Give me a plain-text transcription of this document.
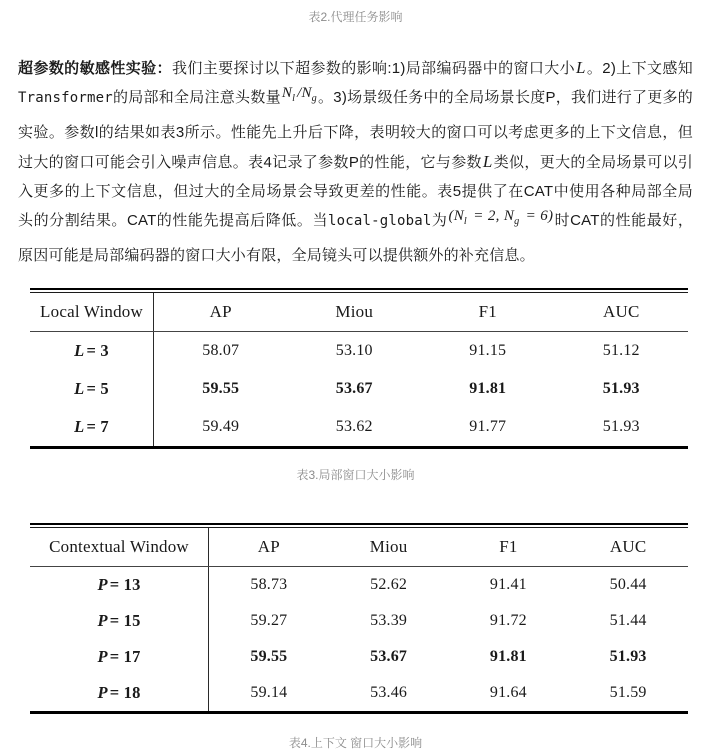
表2.代理任务影响
超参数的敏感性实验：我们主要探讨以下超参数的影响:1)局部编码器中的窗口大小L。2)上下文感知Transformer的局部和全局注意头数量$N_l$ $/N_g$。3)场景级任务中的全局场景长度P，我们进行了更多的实验。参数l的结果如表3所示。性能先上升后下降，表明较大的窗口可以考虑更多的上下文信息，但过大的窗口可能会引入噪声信息。表4记录了参数P的性能，它与参数L类似，更大的全局场景可以引入更多的上下文信息，但过大的全局场景会导致更差的性能。表5提供了在CAT中使用各种局部全局头的分割结果。CAT的性能先提高后降低。当local-global为($N_l = 2$, $N_g = 6$)时CAT的性能最好，原因可能是局部编码器的窗口大小有限，全局镜头可以提供额外的补充信息。
Local Window	AP	Miou	F1	AUC
L = 3	58.07	53.10	91.15	51.12
L = 5	59.55	53.67	91.81	51.93
L = 7	59.49	53.62	91.77	51.93
表3.局部窗口大小影响
Contextual Window	AP	Miou	F1	AUC
P = 13	58.73	52.62	91.41	50.44
P = 15	59.27	53.39	91.72	51.44
P = 17	59.55	53.67	91.81	51.93
P = 18	59.14	53.46	91.64	51.59
表4.上下文 窗口大小影响
